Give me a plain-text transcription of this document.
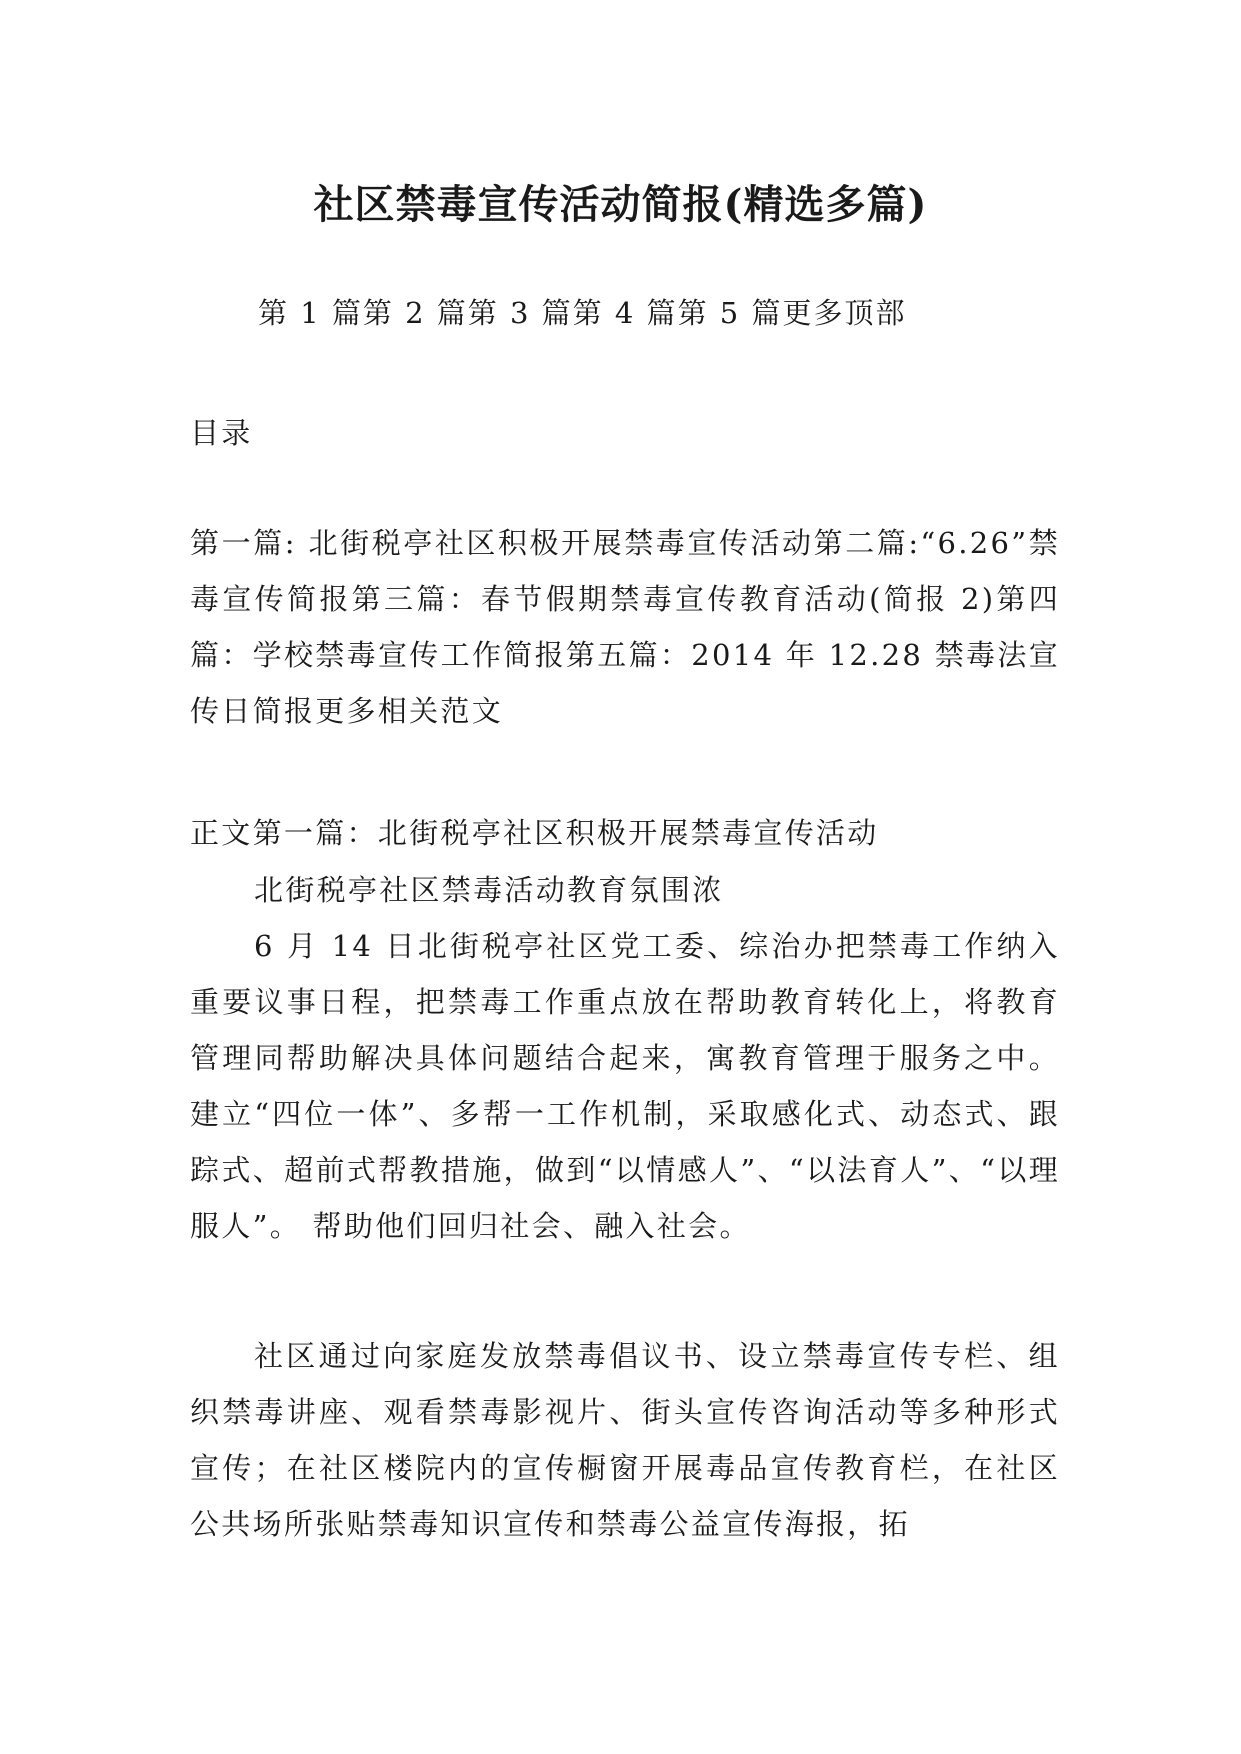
社区禁毒宣传活动简报(精选多篇)
第 1 篇第 2 篇第 3 篇第 4 篇第 5 篇更多顶部
目录

第一篇: 北街税亭社区积极开展禁毒宣传活动第二篇:“6.26”禁毒宣传简报第三篇：春节假期禁毒宣传教育活动(简报 2)第四篇：学校禁毒宣传工作简报第五篇：2014 年 12.28 禁毒法宣传日简报更多相关范文

正文第一篇：北街税亭社区积极开展禁毒宣传活动
北街税亭社区禁毒活动教育氛围浓
6 月 14 日北街税亭社区党工委、综治办把禁毒工作纳入重要议事日程，把禁毒工作重点放在帮助教育转化上，将教育管理同帮助解决具体问题结合起来，寓教育管理于服务之中。建立“四位一体”、多帮一工作机制，采取感化式、动态式、跟踪式、超前式帮教措施，做到“以情感人”、“以法育人”、“以理服人”。 帮助他们回归社会、融入社会。
社区通过向家庭发放禁毒倡议书、设立禁毒宣传专栏、组织禁毒讲座、观看禁毒影视片、街头宣传咨询活动等多种形式宣传；在社区楼院内的宣传橱窗开展毒品宣传教育栏，在社区公共场所张贴禁毒知识宣传和禁毒公益宣传海报，拓
